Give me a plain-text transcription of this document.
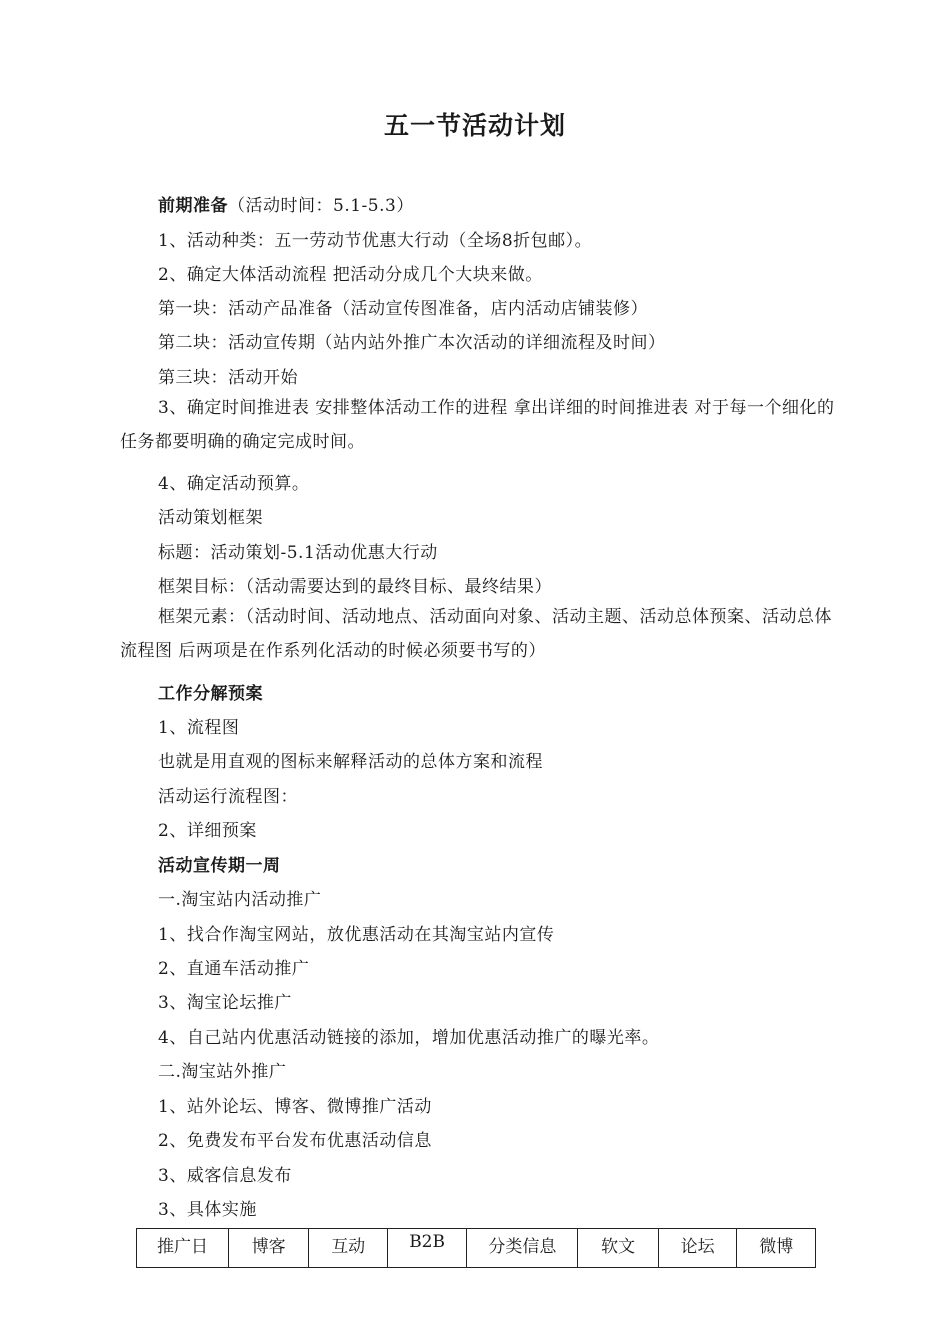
五一节活动计划
前期准备（活动时间：5.1-5.3）
1、活动种类：五一劳动节优惠大行动（全场8折包邮）。
2、确定大体活动流程 把活动分成几个大块来做。
第一块：活动产品准备（活动宣传图准备，店内活动店铺装修）
第二块：活动宣传期（站内站外推广本次活动的详细流程及时间）
第三块：活动开始
3、确定时间推进表 安排整体活动工作的进程 拿出详细的时间推进表 对于每一个细化的任务都要明确的确定完成时间。
4、确定活动预算。
活动策划框架
标题：活动策划-5.1活动优惠大行动
框架目标：（活动需要达到的最终目标、最终结果）
框架元素：（活动时间、活动地点、活动面向对象、活动主题、活动总体预案、活动总体流程图 后两项是在作系列化活动的时候必须要书写的）
工作分解预案
1、流程图
也就是用直观的图标来解释活动的总体方案和流程
活动运行流程图：
2、详细预案
活动宣传期一周
一.淘宝站内活动推广
1、找合作淘宝网站，放优惠活动在其淘宝站内宣传
2、直通车活动推广
3、淘宝论坛推广
4、自己站内优惠活动链接的添加，增加优惠活动推广的曝光率。
二.淘宝站外推广
1、站外论坛、博客、微博推广活动
2、免费发布平台发布优惠活动信息
3、威客信息发布
3、具体实施
推广日	博客	互动	B2B	分类信息	软文	论坛	微博
